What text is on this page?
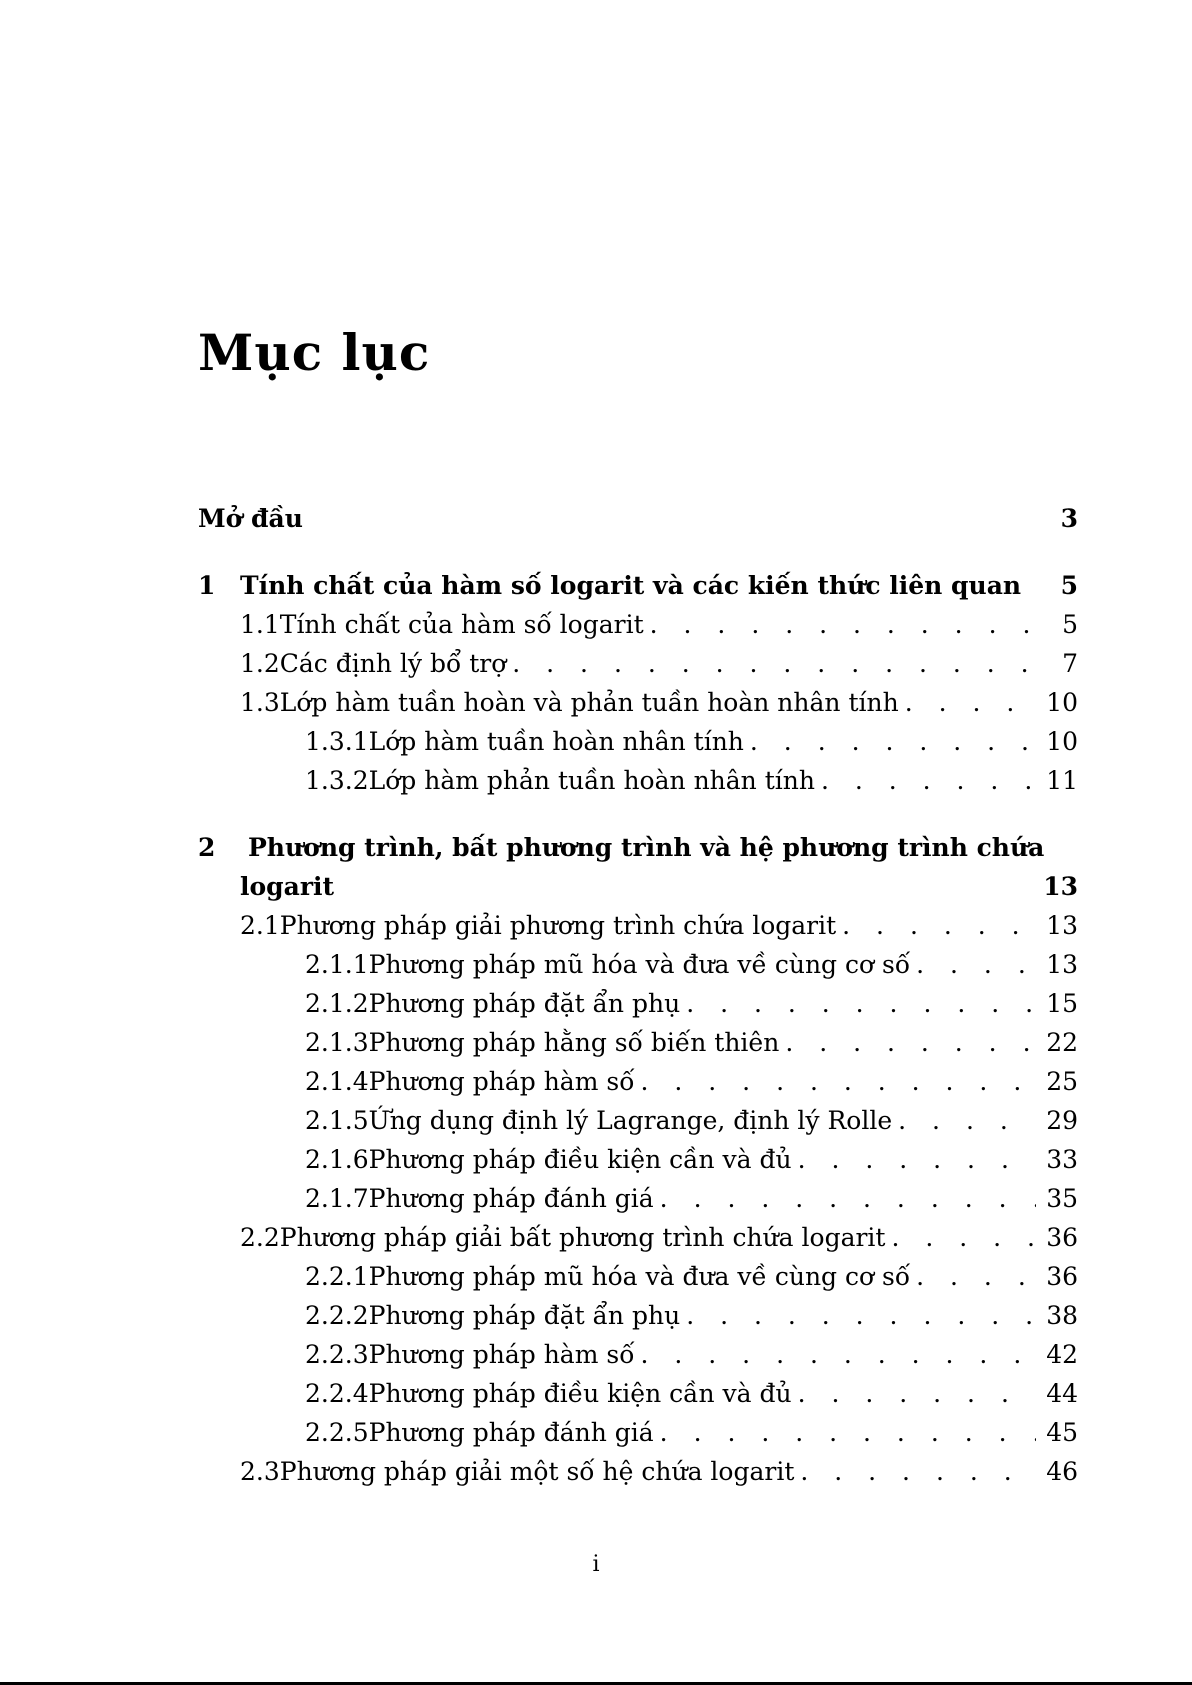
Mục lục
Mở đầu	3
1 Tính chất của hàm số logarit và các kiến thức liên quan 5
1.1 Tính chất của hàm số logarit . . .	5
1.2 Các định lý bổ trợ . . .	7
1.3 Lớp hàm tuần hoàn và phản tuần hoàn nhân tính . . .	10
1.3.1 Lớp hàm tuần hoàn nhân tính . . .	10
1.3.2 Lớp hàm phản tuần hoàn nhân tính . . .	11
2	Phương trình, bất phương trình và hệ phương trình chứa
logarit	13
2.1 Phương pháp giải phương trình chứa logarit . . .	13
2.1.1 Phương pháp mũ hóa và đưa về cùng cơ số . . .	13
2.1.2 Phương pháp đặt ẩn phụ . . .	15
2.1.3 Phương pháp hằng số biến thiên . . .	22
2.1.4 Phương pháp hàm số . . .	25
2.1.5 Ứng dụng định lý Lagrange, định lý Rolle . . .	29
2.1.6 Phương pháp điều kiện cần và đủ . . .	33
2.1.7 Phương pháp đánh giá . . .	35
2.2 Phương pháp giải bất phương trình chứa logarit . . .	36
2.2.1 Phương pháp mũ hóa và đưa về cùng cơ số . . .	36
2.2.2 Phương pháp đặt ẩn phụ . . .	38
2.2.3 Phương pháp hàm số . . .	42
2.2.4 Phương pháp điều kiện cần và đủ . . .	44
2.2.5 Phương pháp đánh giá . . .	45
2.3 Phương pháp giải một số hệ chứa logarit . . .	46
i
